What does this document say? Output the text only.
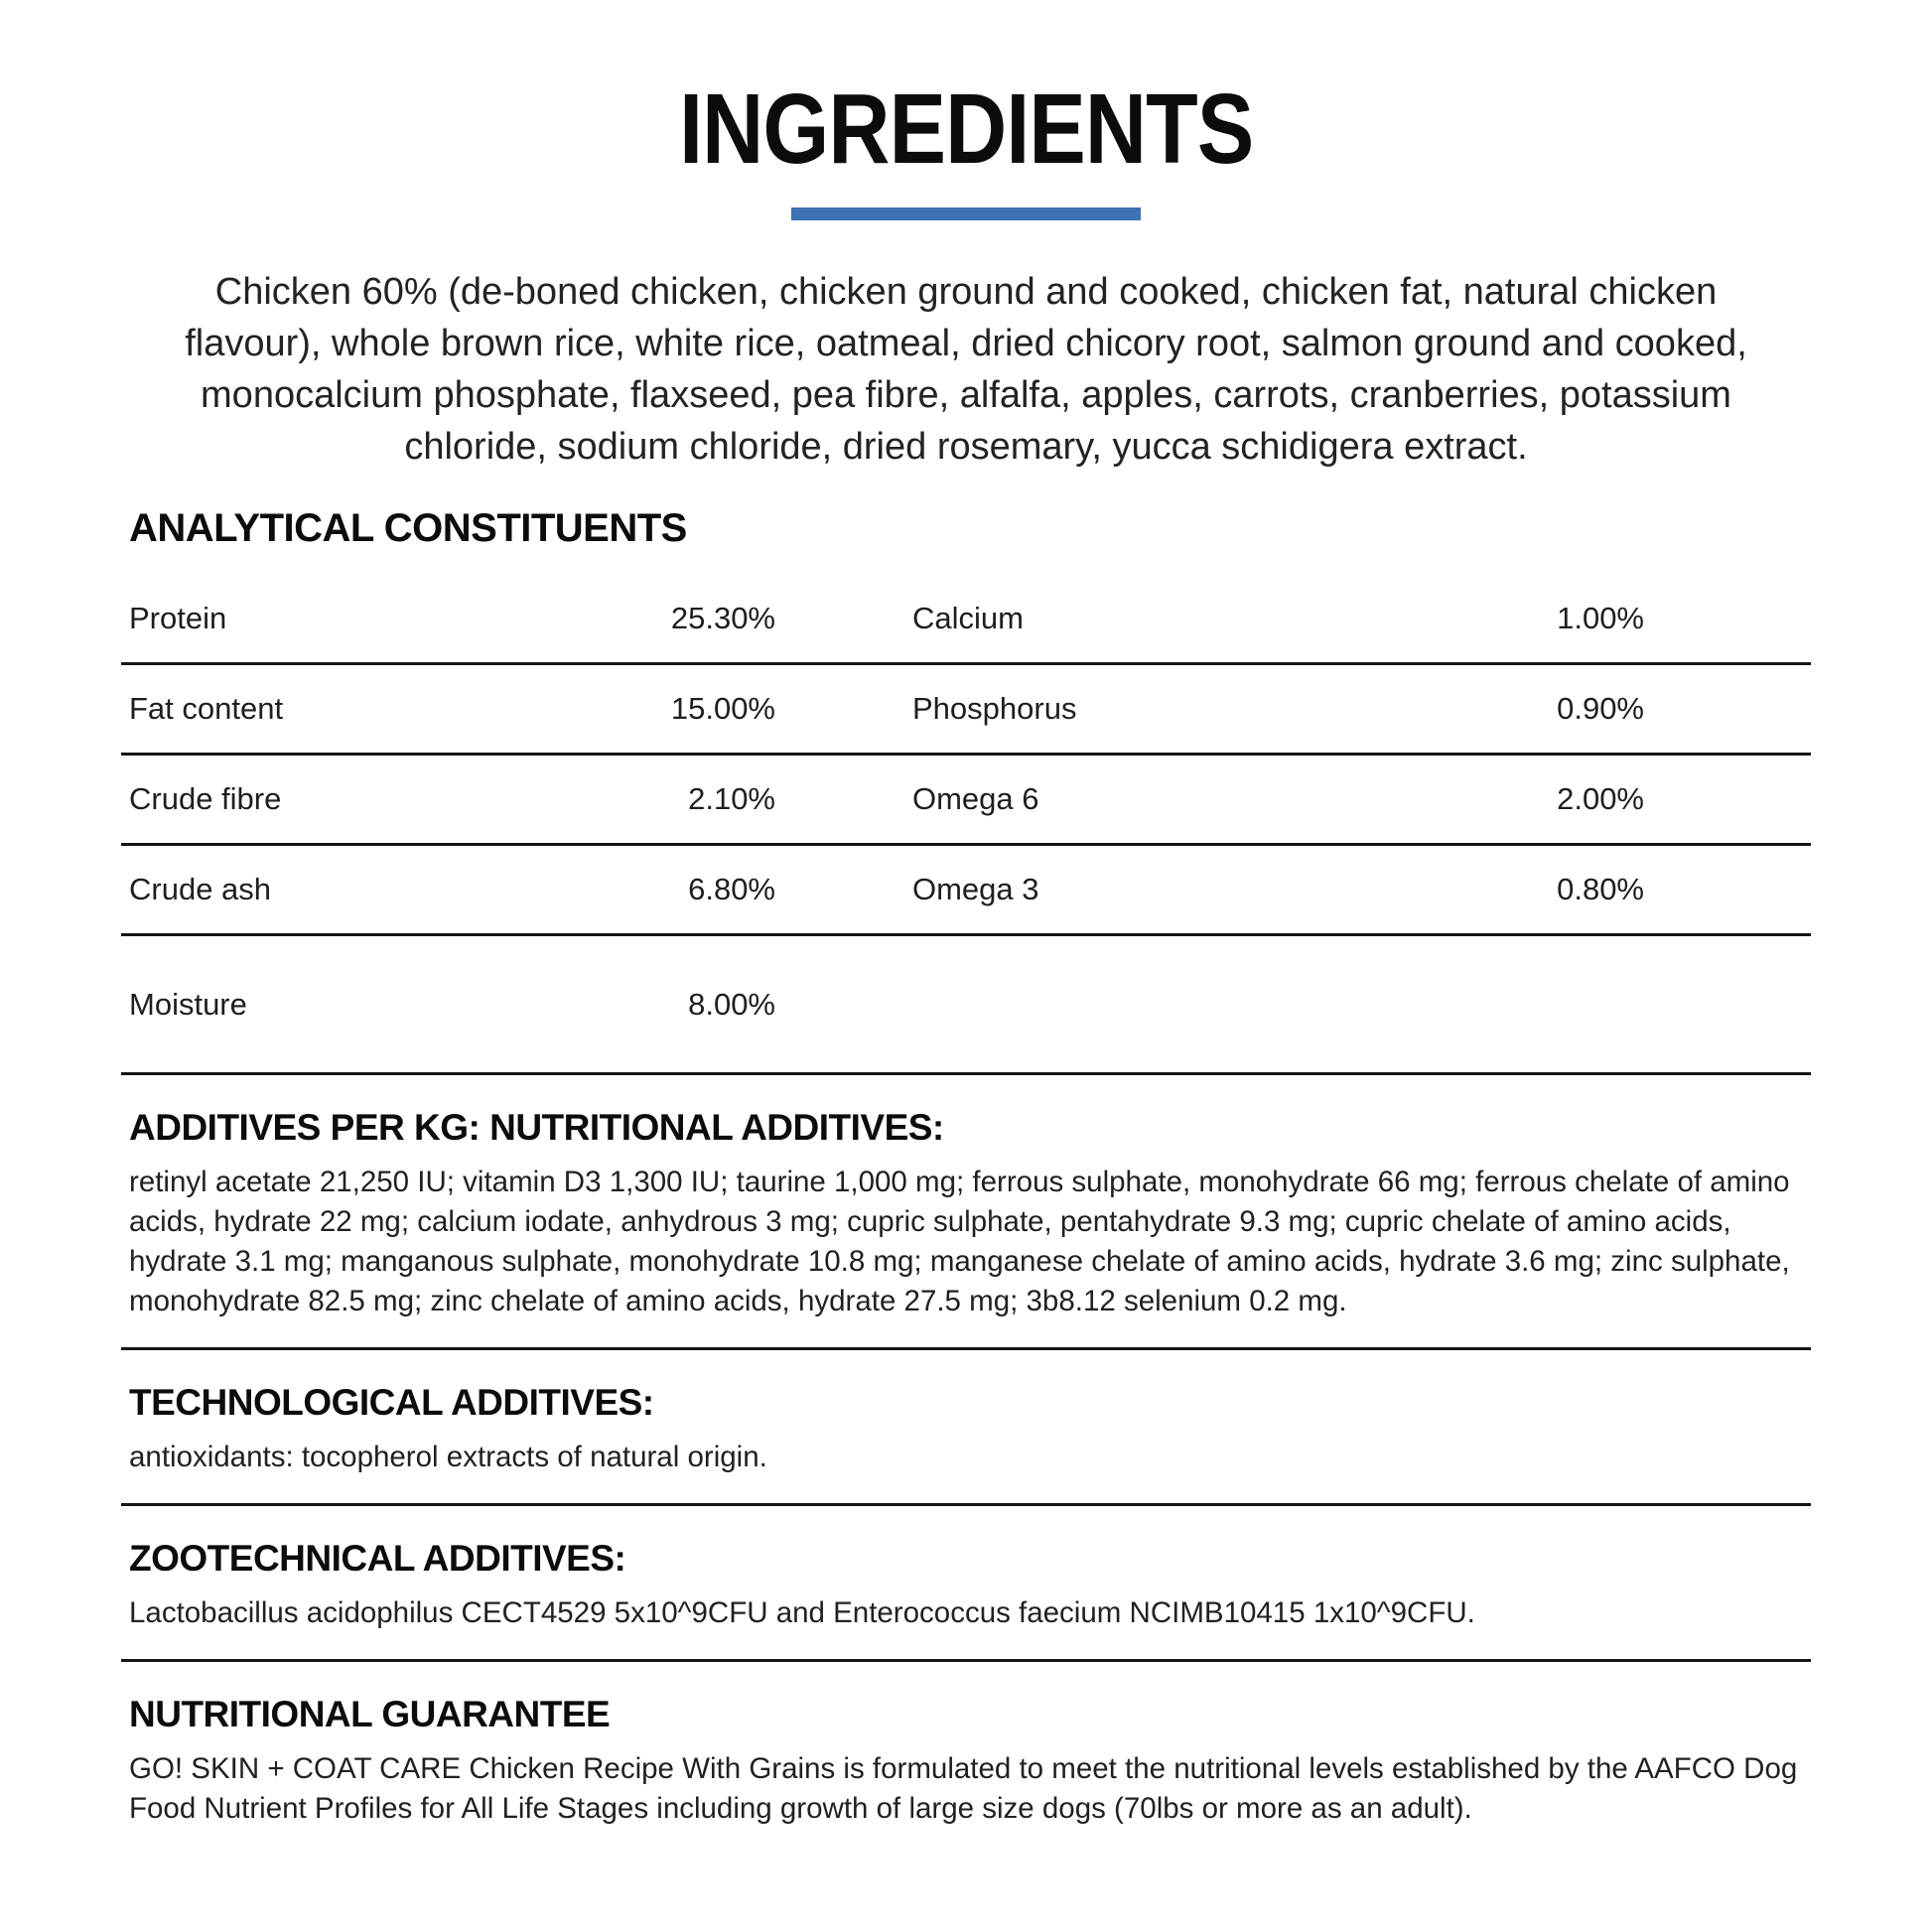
INGREDIENTS

Chicken 60% (de-boned chicken, chicken ground and cooked, chicken fat, natural chicken flavour), whole brown rice, white rice, oatmeal, dried chicory root, salmon ground and cooked, monocalcium phosphate, flaxseed, pea fibre, alfalfa, apples, carrots, cranberries, potassium chloride, sodium chloride, dried rosemary, yucca schidigera extract.

ANALYTICAL CONSTITUENTS
Protein	25.30%	Calcium	1.00%
Fat content	15.00%	Phosphorus	0.90%
Crude fibre	2.10%	Omega 6	2.00%
Crude ash	6.80%	Omega 3	0.80%
Moisture	8.00%
ADDITIVES PER KG: NUTRITIONAL ADDITIVES:

retinyl acetate 21,250 IU; vitamin D3 1,300 IU; taurine 1,000 mg; ferrous sulphate, monohydrate 66 mg; ferrous chelate of amino acids, hydrate 22 mg; calcium iodate, anhydrous 3 mg; cupric sulphate, pentahydrate 9.3 mg; cupric chelate of amino acids, hydrate 3.1 mg; manganous sulphate, monohydrate 10.8 mg; manganese chelate of amino acids, hydrate 3.6 mg; zinc sulphate, monohydrate 82.5 mg; zinc chelate of amino acids, hydrate 27.5 mg; 3b8.12 selenium 0.2 mg.

TECHNOLOGICAL ADDITIVES:

antioxidants: tocopherol extracts of natural origin.

ZOOTECHNICAL ADDITIVES:

Lactobacillus acidophilus CECT4529 5x10^9CFU and Enterococcus faecium NCIMB10415 1x10^9CFU.

NUTRITIONAL GUARANTEE

GO! SKIN + COAT CARE Chicken Recipe With Grains is formulated to meet the nutritional levels established by the AAFCO Dog Food Nutrient Profiles for All Life Stages including growth of large size dogs (70lbs or more as an adult).
